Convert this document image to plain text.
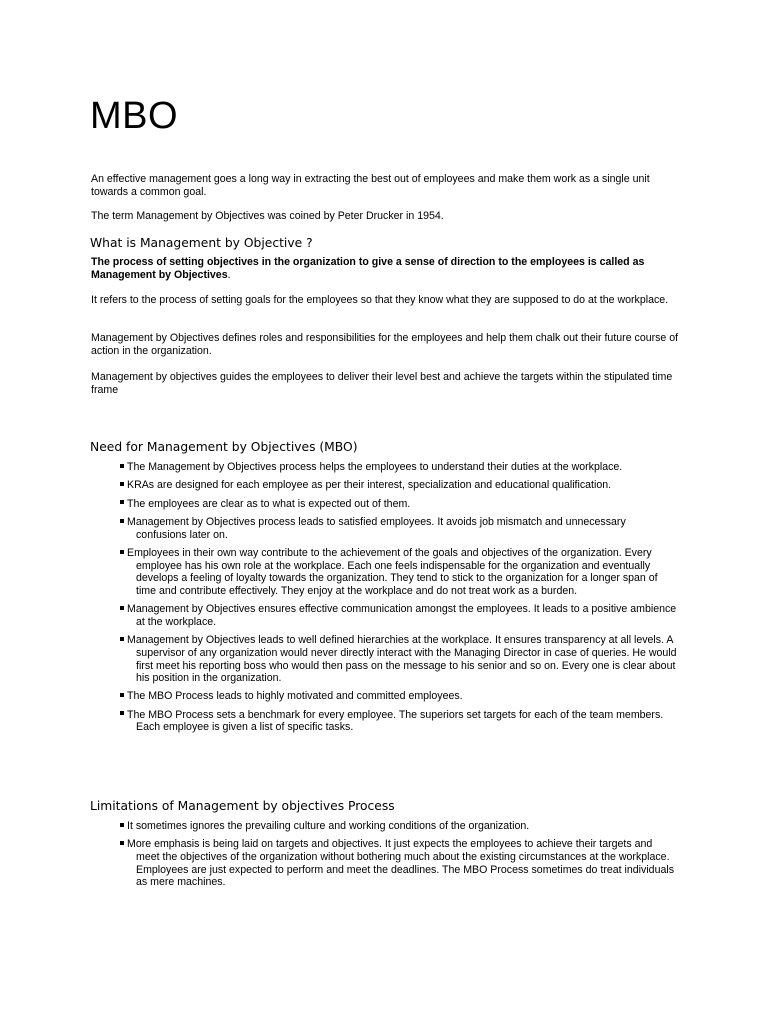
MBO

An effective management goes a long way in extracting the best out of employees and make them work as a single unit towards a common goal.

The term Management by Objectives was coined by Peter Drucker in 1954.

What is Management by Objective ?

The process of setting objectives in the organization to give a sense of direction to the employees is called as Management by Objectives.

It refers to the process of setting goals for the employees so that they know what they are supposed to do at the workplace.

Management by Objectives defines roles and responsibilities for the employees and help them chalk out their future course of action in the organization.

Management by objectives guides the employees to deliver their level best and achieve the targets within the stipulated time frame

Need for Management by Objectives (MBO)
The Management by Objectives process helps the employees to understand their duties at the workplace.
KRAs are designed for each employee as per their interest, specialization and educational qualification.
The employees are clear as to what is expected out of them.
Management by Objectives process leads to satisfied employees. It avoids job mismatch and unnecessary confusions later on.
Employees in their own way contribute to the achievement of the goals and objectives of the organization. Every employee has his own role at the workplace. Each one feels indispensable for the organization and eventually develops a feeling of loyalty towards the organization. They tend to stick to the organization for a longer span of time and contribute effectively. They enjoy at the workplace and do not treat work as a burden.
Management by Objectives ensures effective communication amongst the employees. It leads to a positive ambience at the workplace.
Management by Objectives leads to well defined hierarchies at the workplace. It ensures transparency at all levels. A supervisor of any organization would never directly interact with the Managing Director in case of queries. He would first meet his reporting boss who would then pass on the message to his senior and so on. Every one is clear about his position in the organization.
The MBO Process leads to highly motivated and committed employees.
The MBO Process sets a benchmark for every employee. The superiors set targets for each of the team members. Each employee is given a list of specific tasks.
Limitations of Management by objectives Process
It sometimes ignores the prevailing culture and working conditions of the organization.
More emphasis is being laid on targets and objectives. It just expects the employees to achieve their targets and meet the objectives of the organization without bothering much about the existing circumstances at the workplace. Employees are just expected to perform and meet the deadlines. The MBO Process sometimes do treat individuals as mere machines.
